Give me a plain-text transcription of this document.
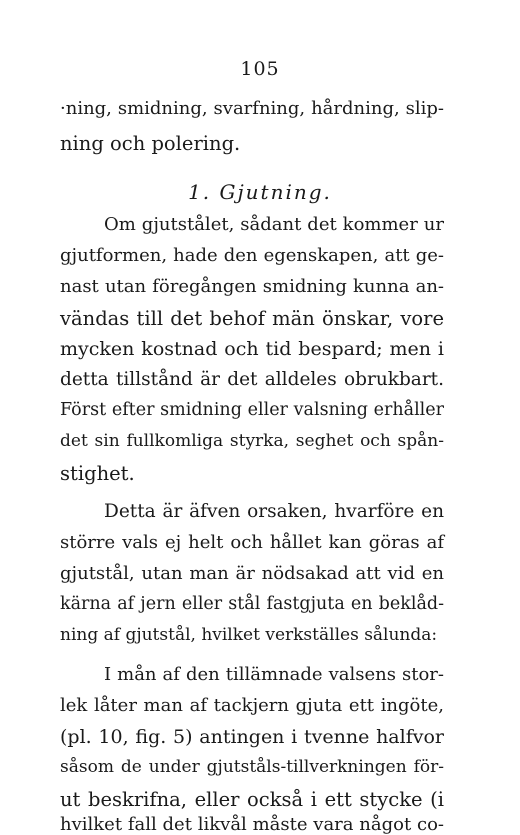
105
·ning, smidning, svarfning, hårdning, slip-
ning och polering.
1. Gjutning.
Om gjutstålet, sådant det kommer ur
gjutformen, hade den egenskapen, att ge-
nast utan föregången smidning kunna an-
vändas till det behof män önskar, vore
mycken kostnad och tid bespard; men i
detta tillstånd är det alldeles obrukbart.
Först efter smidning eller valsning erhåller
det sin fullkomliga styrka, seghet och spån-
stighet.
Detta är äfven orsaken, hvarföre en
större vals ej helt och hållet kan göras af
gjutstål, utan man är nödsakad att vid en
kärna af jern eller stål fastgjuta en beklåd-
ning af gjutstål, hvilket verkställes sålunda:
I mån af den tillämnade valsens stor-
lek låter man af tackjern gjuta ett ingöte,
(pl. 10, fig. 5) antingen i tvenne halfvor
såsom de under gjutståls-tillverkningen för-
ut beskrifna, eller också i ett stycke (i
hvilket fall det likvål måste vara något co-
